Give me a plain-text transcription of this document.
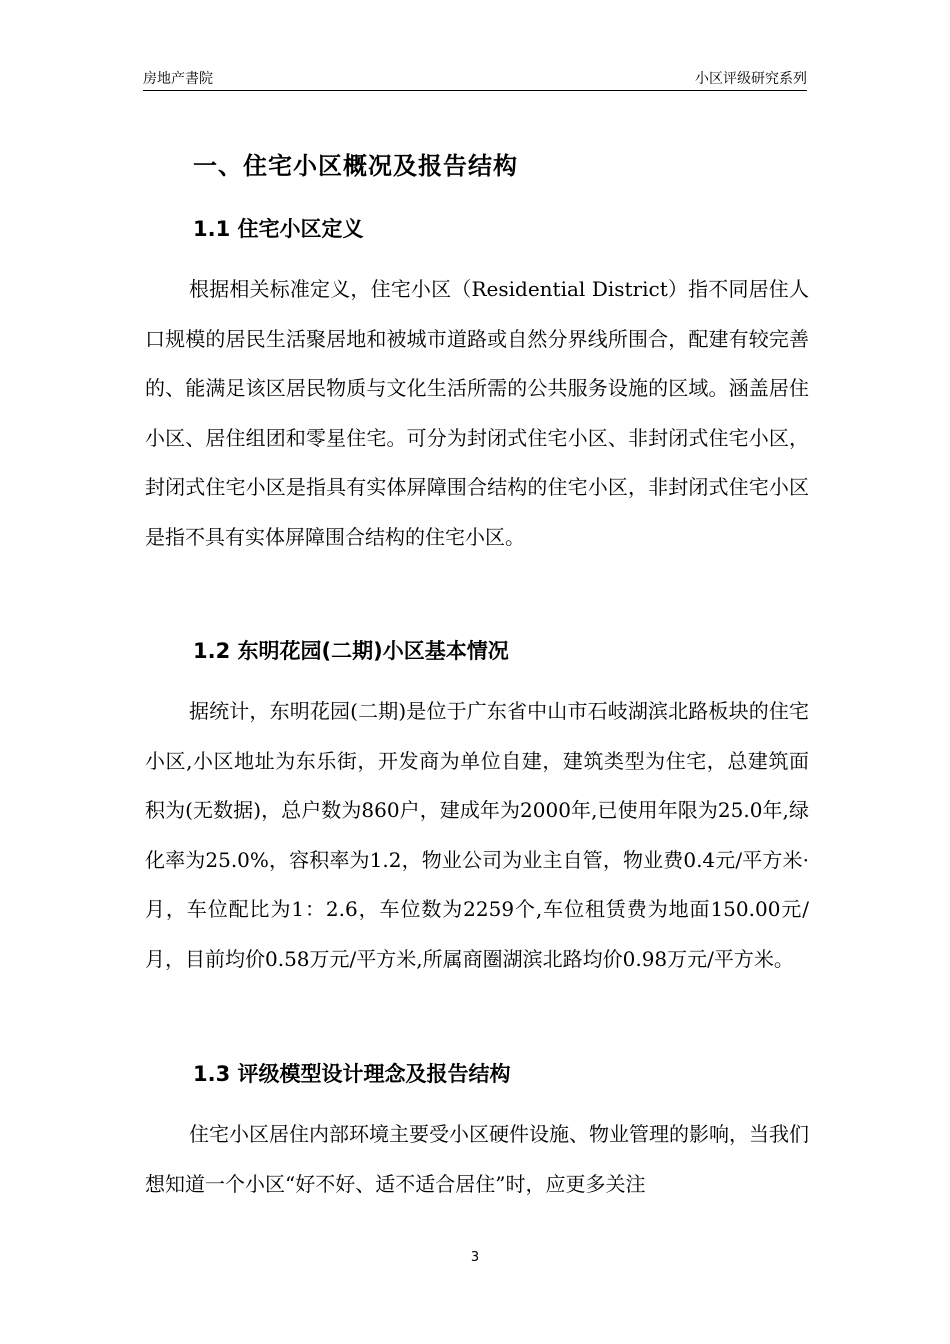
房地产書院	小区评级研究系列
一、住宅小区概况及报告结构
1.1 住宅小区定义
根据相关标准定义，住宅小区（Residential District）指不同居住人口规模的居民生活聚居地和被城市道路或自然分界线所围合，配建有较完善的、能满足该区居民物质与文化生活所需的公共服务设施的区域。涵盖居住小区、居住组团和零星住宅。可分为封闭式住宅小区、非封闭式住宅小区，封闭式住宅小区是指具有实体屏障围合结构的住宅小区，非封闭式住宅小区是指不具有实体屏障围合结构的住宅小区。
1.2 东明花园(二期)小区基本情况
据统计，东明花园(二期)是位于广东省中山市石岐湖滨北路板块的住宅小区,小区地址为东乐街，开发商为单位自建，建筑类型为住宅，总建筑面积为(无数据)，总户数为860户，建成年为2000年,已使用年限为25.0年,绿化率为25.0%，容积率为1.2，物业公司为业主自管，物业费0.4元/平方米·月，车位配比为1：2.6，车位数为2259个,车位租赁费为地面150.00元/月，目前均价0.58万元/平方米,所属商圈湖滨北路均价0.98万元/平方米。
1.3 评级模型设计理念及报告结构
住宅小区居住内部环境主要受小区硬件设施、物业管理的影响，当我们想知道一个小区“好不好、适不适合居住”时，应更多关注
3
